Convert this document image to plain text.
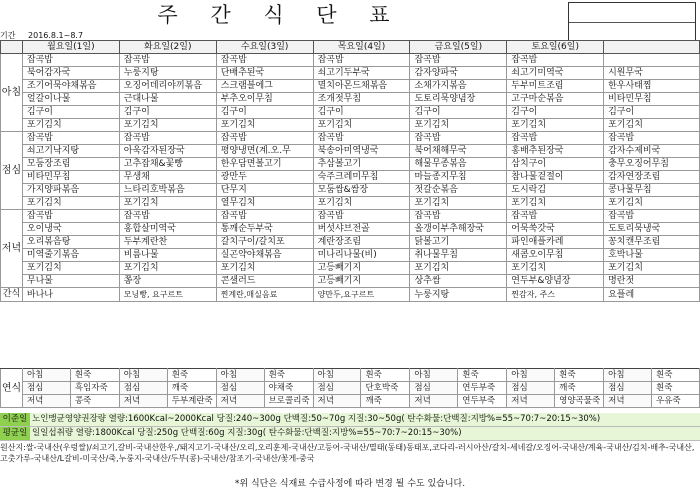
주 간 식 단 표
기간 2016.8.1~8.7
	월요일(1일)	화요일(2일)	수요일(3일)	목요일(4일)	금요일(5일)	토요일(6일)	
아침	잡곡밥	잡곡밥	잡곡밥	잡곡밥	잡곡밥	잡곡밥	
	북어감자국	누룽지탕	단배추된국	쇠고기두부국	감자양파국	쇠고기미역국	시원무국
	조기어묵야채볶음	오징어데리야끼볶음	스크램블에그	멸치아몬드채볶음	소채가지볶음	두부미트조림	한우사태찜
	얼갈이나물	근대나물	부추오이무침	조개젓무침	도토리묵양념장	고구마순볶음	비타민무침
	김구이	김구이	김구이	김구이	김구이	김구이	김구이
	포기김치	포기김치	포기김치	포기김치	포기김치	포기김치	포기김치
점심	잡곡밥	잡곡밥	잡곡밥	잡곡밥	잡곡밥	잡곡밥	잡곡밥
	쇠고기낙지탕	아욱감자된장국	평양냉면(계.오.무	북송아미역냉국	북어채해무국	홍배추된장국	감자수제비국
	모둠장조림	고추잡채&꽃빵	한우담면볼고기	추삼볼고기	해물무종볶음	삼치구이	충무오징어무침
	비타민무침	무생채	광만두	숙주크레미무침	마늘종지무침	참나물겉절이	감자연장조림
	가지양파볶음	느타리호박볶음	단무지	모둠쌈&쌈장	젓갈순볶음	도시락김	콩나물무침
	포기김치	포기김치	열무김치	포기김치	포기김치	포기김치	포기김치
저녁	잡곡밥	잡곡밥	잡곡밥	잡곡밥	잡곡밥	잡곡밥	잡곡밥
	오이냉국	홍합살미역국	통깨순두부국	버섯샤브전골	올갱이부추해장국	어묵쑥갓국	도토리묵냉국
	오리볶음탕	두부계란찬	갈치구이/갈치포	계란장조림	닭볼고기	파인애플카레	꽁치캔무조림
	미역줄기볶음	비름나물	실곤약야채볶음	미나리나물(비)	취나물무침	새콤오이무침	호박나물
	포기김치	포기김치	포기김치	고등빼기지	포기김치	포기김치	포기김치
	무나물	쫑장	콘샐러드	고등빼기지	상추쌈	연두부&양념장	명란젓
간식	바나나	모닝빵, 요구르트	찐계란,매실음료	양만두,요구르트	누룽지탕	찐감자, 주스	요플레
연식	아침	흰죽	아침	흰죽	아침	흰죽	아침	흰죽	아침	흰죽	아침	흰죽	아침	흰죽
	점심	흑임자죽	점심	깨죽	점심	야채죽	점심	단호박죽	점심	연두부죽	점심	깨죽	점심	흰죽
	저녁	콩죽	저녁	두부계란죽	저녁	브로콜리죽	저녁	깨죽	저녁	연두부죽	저녁	영양곡물죽	저녁	우유죽
이준일 노인맹균영양권장량 열량:1600Kcal~2000Kcal 당질:240~300g 단백질:50~70g 지질:30~50g( 탄수화물:단백질:지방%=55~70:7~20:15~30%)
평균일 일일섭취량 열량:1800Kcal 당질:250g 단백질:60g 지질:30g( 탄수화물:단백질:지방%=55~70:7~20:15~30%)
원산지:쌀-국내산(우렁쌀)/쇠고기,갈비-국내산한우,/돼지고기-국내산/오리,오리훈제-국내산/고등어-국내산/멸태(동태)동태포,코다리-러시아산/갈치-세네갈/오징어-국내산/계육-국내산/김치-배추-국내산,고춧가루-국내산/L갈비-미국산/죽,누룽지-국내산/두부(콩)-국내산/참조기-국내산/꽃게-중국
*위 식단은 식재료 수급사정에 따라 변경 될 수도 있습니다.
